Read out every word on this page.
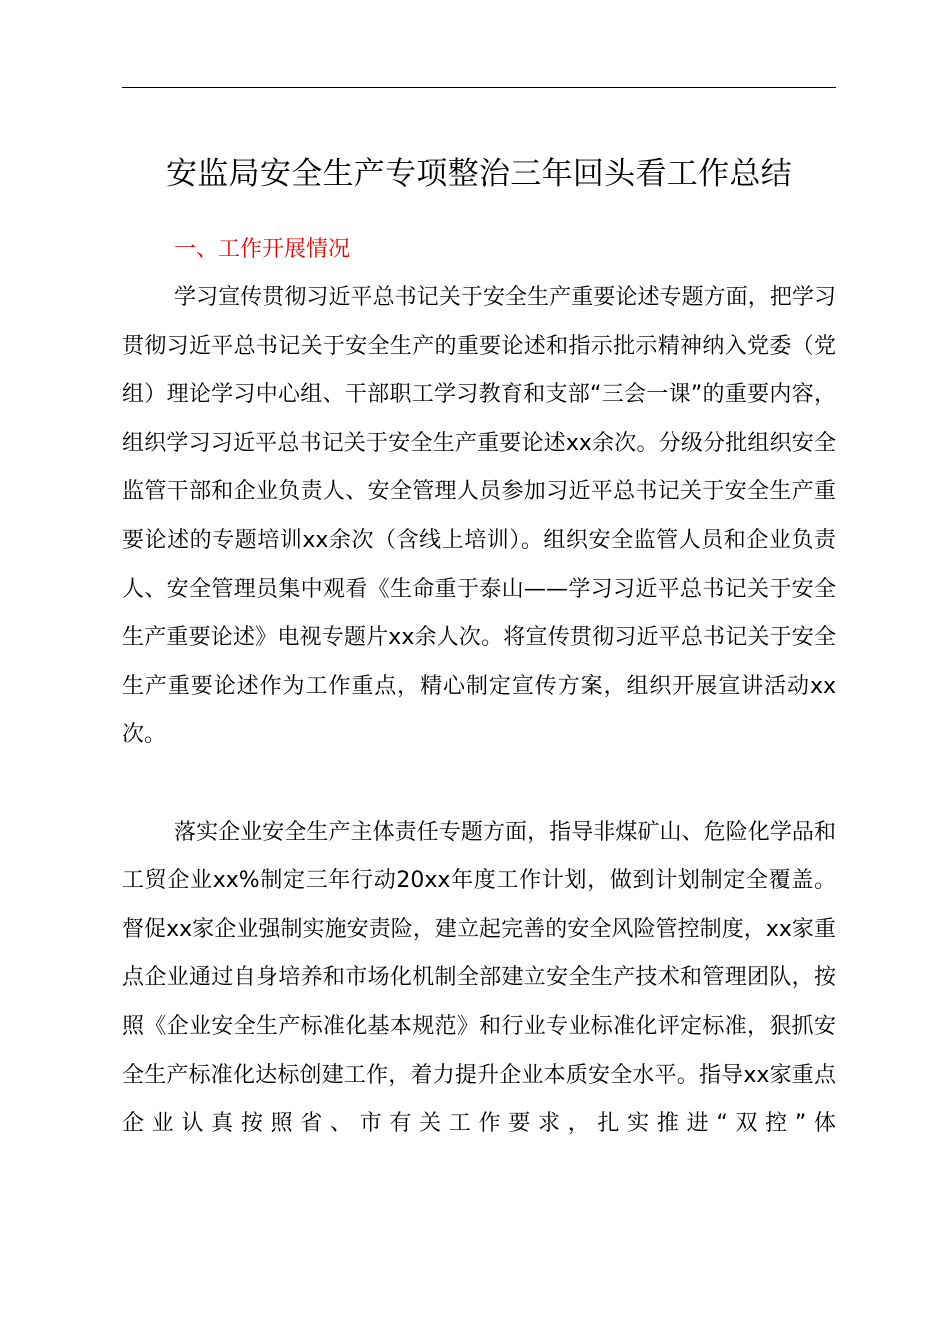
安监局安全生产专项整治三年回头看工作总结
一、工作开展情况

学习宣传贯彻习近平总书记关于安全生产重要论述专题方面，把学习贯彻习近平总书记关于安全生产的重要论述和指示批示精神纳入党委（党组）理论学习中心组、干部职工学习教育和支部“三会一课”的重要内容，组织学习习近平总书记关于安全生产重要论述xx余次。分级分批组织安全监管干部和企业负责人、安全管理人员参加习近平总书记关于安全生产重要论述的专题培训xx余次（含线上培训）。组织安全监管人员和企业负责人、安全管理员集中观看《生命重于泰山——学习习近平总书记关于安全生产重要论述》电视专题片xx余人次。将宣传贯彻习近平总书记关于安全生产重要论述作为工作重点，精心制定宣传方案，组织开展宣讲活动xx次。

落实企业安全生产主体责任专题方面，指导非煤矿山、危险化学品和工贸企业xx%制定三年行动20xx年度工作计划，做到计划制定全覆盖。督促xx家企业强制实施安责险，建立起完善的安全风险管控制度，xx家重点企业通过自身培养和市场化机制全部建立安全生产技术和管理团队，按照《企业安全生产标准化基本规范》和行业专业标准化评定标准，狠抓安全生产标准化达标创建工作，着力提升企业本质安全水平。指导xx家重点企业认真按照省、市有关工作要求，扎实推进“双控”体
